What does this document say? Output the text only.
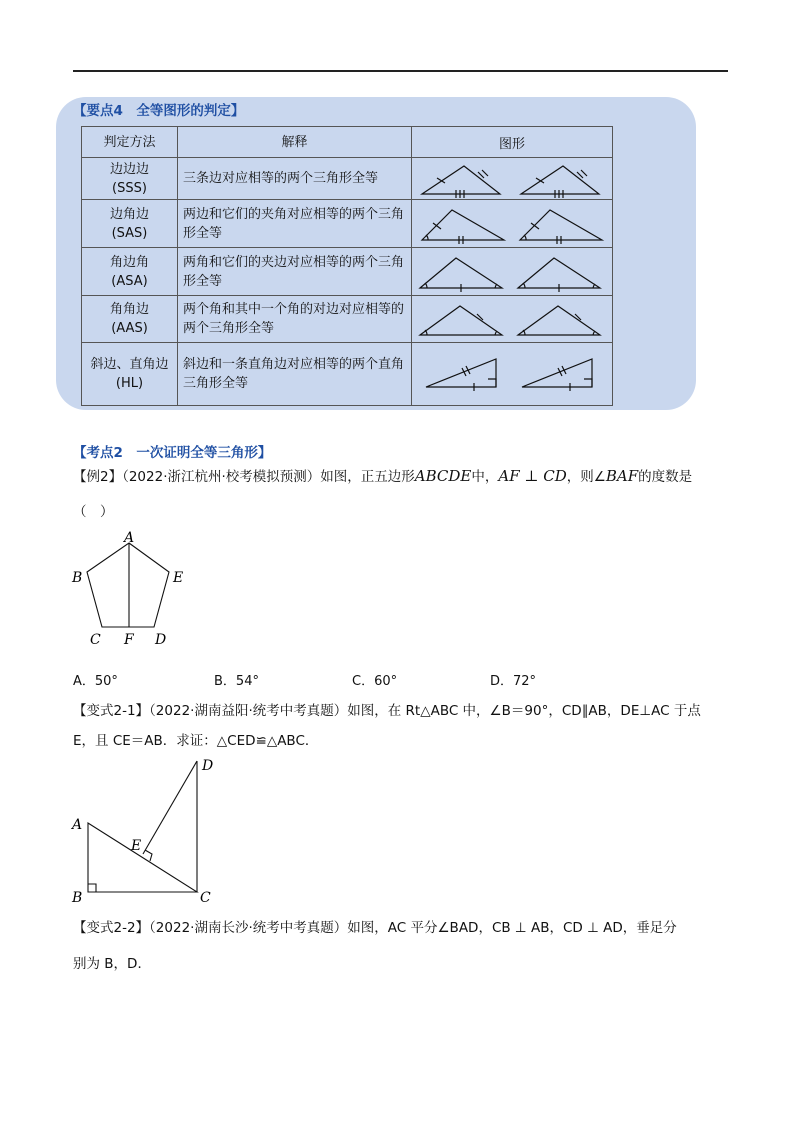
【要点4　全等图形的判定】
判定方法	解释	图形
边边边
(SSS)	三条边对应相等的两个三角形全等	

边角边
(SAS)	两边和它们的夹角对应相等的两个三角形全等	

角边角
(ASA)	两角和它们的夹边对应相等的两个三角形全等	

角角边
(AAS)	两个角和其中一个角的对边对应相等的两个三角形全等	

斜边、直角边
(HL)	斜边和一条直角边对应相等的两个直角三角形全等	
【考点2　一次证明全等三角形】
【例2】（2022·浙江杭州·校考模拟预测）如图，正五边形ABCDE中，AF ⊥ CD，则∠BAF的度数是
（　）
A
B	E
C F D
A．50°	B．54°	C．60°	D．72°
【变式2-1】（2022·湖南益阳·统考中考真题）如图，在 Rt△ABC 中，∠B＝90°，CD∥AB，DE⊥AC 于点
E，且 CE＝AB．求证：△CED≌△ABC．
D
A
E
B	C
【变式2-2】（2022·湖南长沙·统考中考真题）如图，AC 平分∠BAD，CB ⊥ AB，CD ⊥ AD，垂足分
别为 B，D．
